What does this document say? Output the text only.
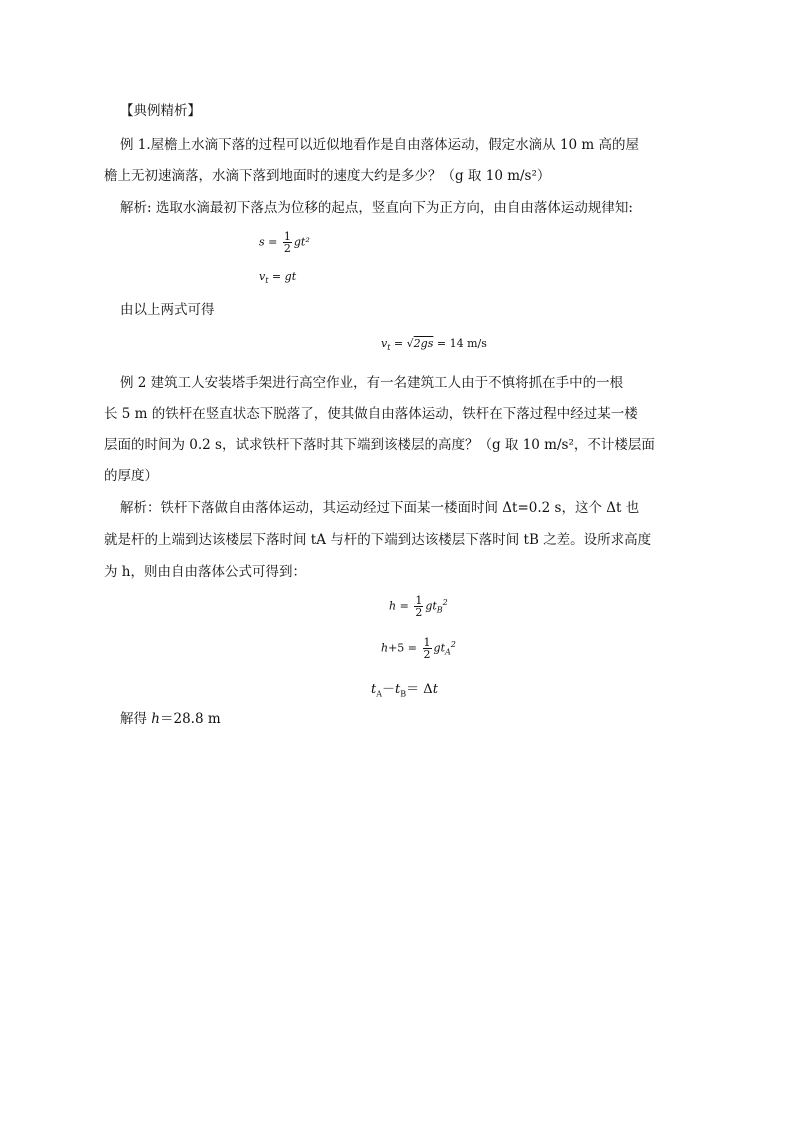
【典例精析】
例 1.屋檐上水滴下落的过程可以近似地看作是自由落体运动，假定水滴从 10 m 高的屋
檐上无初速滴落，水滴下落到地面时的速度大约是多少？（g 取 10 m/s²）
解析: 选取水滴最初下落点为位移的起点，竖直向下为正方向，由自由落体运动规律知:
$s = \frac{1}{2} gt^2$
$v_t$ = gt
由以上两式可得
$v_t = √2gs = 14$ m/s
例 2 建筑工人安装塔手架进行高空作业，有一名建筑工人由于不慎将抓在手中的一根
长 5 m 的铁杆在竖直状态下脱落了，使其做自由落体运动，铁杆在下落过程中经过某一楼
层面的时间为 0.2 s，试求铁杆下落时其下端到该楼层的高度？（g 取 10 m/s²，不计楼层面
的厚度）
解析：铁杆下落做自由落体运动，其运动经过下面某一楼面时间 Δt=0.2 s，这个 Δt 也
就是杆的上端到达该楼层下落时间 tA 与杆的下端到达该楼层下落时间 tB 之差。设所求高度
为 h，则由自由落体公式可得到：
$h = \frac{1}{2} gt_B^2$
$h+5 = \frac{1}{2} gt_A^2$
$t_A-t_B= \Delta t$
解得 h＝28.8 m
